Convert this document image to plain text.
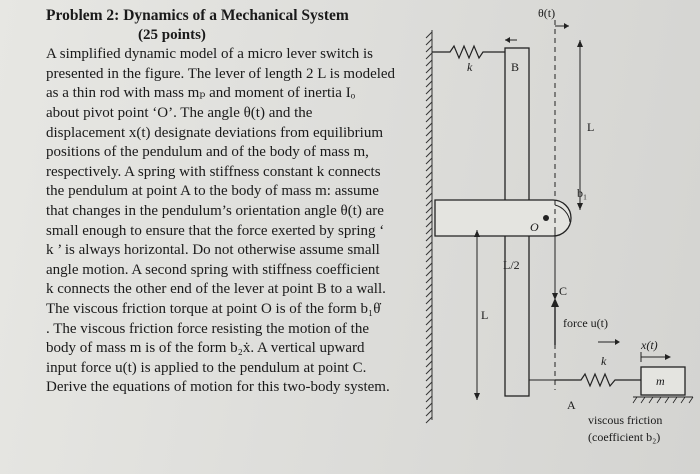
Problem 2: Dynamics of a Mechanical System
(25 points)
A simplified dynamic model of a micro lever switch is
presented in the figure. The lever of length 2 L is modeled
as a thin rod with mass mₚ and moment of inertia Iₒ
about pivot point ‘O’. The angle θ(t) and the
displacement x(t) designate deviations from equilibrium
positions of the pendulum and of the body of mass m,
respectively. A spring with stiffness constant k connects
the pendulum at point A to the body of mass m: assume
that changes in the pendulum’s orientation angle θ(t) are
small enough to ensure that the force exerted by spring ‘
k ’ is always horizontal. Do not otherwise assume small
angle motion. A second spring with stiffness coefficient
k connects the other end of the lever at point B to a wall.
The viscous friction torque at point O is of the form b₁θ̇
. The viscous friction force resisting the motion of the
body of mass m is of the form b₂ẋ. A vertical upward
input force u(t) is applied to the pendulum at point C.
Derive the equations of motion for this two-body system.
θ(t)
k	B
L
b₁
O
L/2
C
L
force u(t)
x(t)
k
m
A
viscous friction
(coefficient b₂)
